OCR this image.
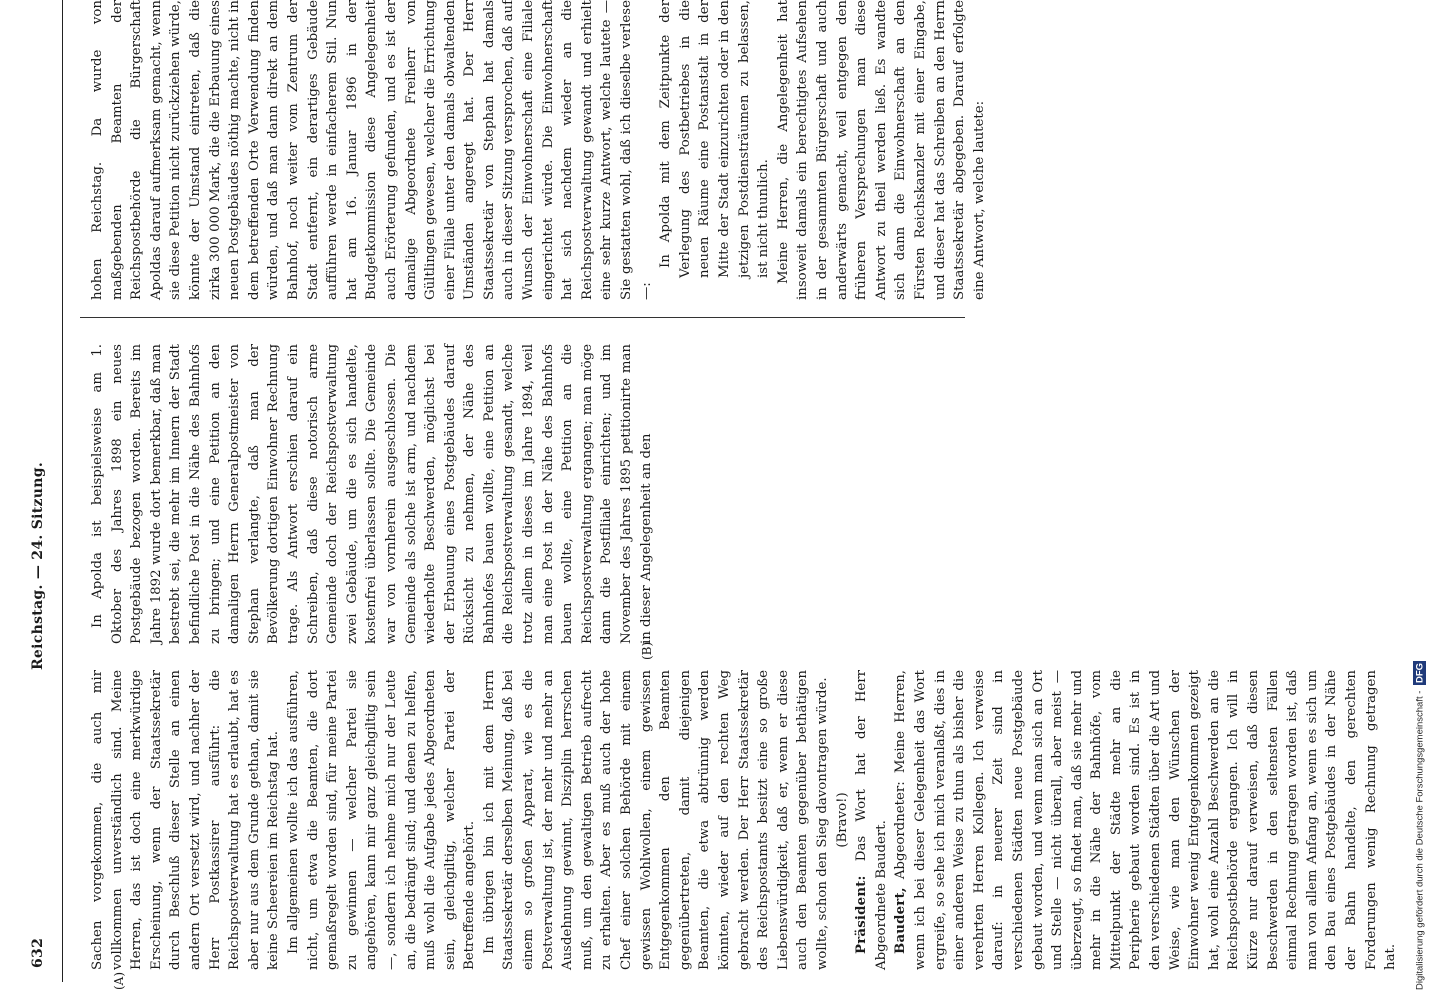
632
Reichstag. — 24. Sitzung.
(A)
(B)

Sachen vorgekommen, die auch mir vollkommen unverständlich sind. Meine Herren, das ist doch eine merkwürdige Erscheinung, wenn der Staatssekretär durch Beschluß dieser Stelle an einen andern Ort versetzt wird, und nachher der Herr Postkassirer ausführt: die Reichspostverwaltung hat es erlaubt, hat es aber nur aus dem Grunde gethan, damit sie keine Scheereien im Reichstag hat. Im allgemeinen wollte ich das ausführen, nicht, um etwa die Beamten, die dort gemaßregelt worden sind, für meine Partei zu gewinnen — welcher Partei sie angehören, kann mir ganz gleichgiltig sein —, sondern ich nehme mich nur der Leute an, die bedrängt sind; und denen zu helfen, muß wohl die Aufgabe jedes Abgeordneten sein, gleichgiltig, welcher Partei der Betreffende angehört. Im übrigen bin ich mit dem Herrn Staatssekretär derselben Meinung, daß bei einem so großen Apparat, wie es die Postverwaltung ist, der mehr und mehr an Ausdehnung gewinnt, Disziplin herrschen muß, um den gewaltigen Betrieb aufrecht zu erhalten. Aber es muß auch der hohe Chef einer solchen Behörde mit einem gewissen Wohlwollen, einem gewissen Entgegenkommen den Beamten gegenübertreten, damit diejenigen Beamten, die etwa abtrünnig werden könnten, wieder auf den rechten Weg gebracht werden. Der Herr Staatssekretär des Reichspostamts besitzt eine so große Liebenswürdigkeit, daß er, wenn er diese auch den Beamten gegenüber bethätigen wollte, schon den Sieg davontragen würde. (Bravo!)

Präsident: Das Wort hat der Herr Abgeordnete Baudert. Baudert, Abgeordneter: Meine Herren, wenn ich bei dieser Gelegenheit das Wort ergreife, so sehe ich mich veranlaßt, dies in einer anderen Weise zu thun als bisher die verehrten Herren Kollegen. Ich verweise darauf: in neuerer Zeit sind in verschiedenen Städten neue Postgebäude gebaut worden, und wenn man sich an Ort und Stelle — nicht überall, aber meist — überzeugt, so findet man, daß sie mehr und mehr in die Nähe der Bahnhöfe, vom Mittelpunkt der Städte mehr an die Peripherie gebaut worden sind. Es ist in den verschiedenen Städten über die Art und Weise, wie man den Wünschen der Einwohner wenig Entgegenkommen gezeigt hat, wohl eine Anzahl Beschwerden an die Reichspostbehörde ergangen. Ich will in Kürze nur darauf verweisen, daß diesen Beschwerden in den seltensten Fällen einmal Rechnung getragen worden ist, daß man von allem Anfang an, wenn es sich um den Bau eines Postgebäudes in der Nähe der Bahn handelte, den gerechten Forderungen wenig Rechnung getragen hat.

In Apolda ist beispielsweise am 1. Oktober des Jahres 1898 ein neues Postgebäude bezogen worden. Bereits im Jahre 1892 wurde dort bemerkbar, daß man bestrebt sei, die mehr im Innern der Stadt befindliche Post in die Nähe des Bahnhofs zu bringen; und eine Petition an den damaligen Herrn Generalpostmeister von Stephan verlangte, daß man der Bevölkerung dortigen Einwohner Rechnung trage. Als Antwort erschien darauf ein Schreiben, daß diese notorisch arme Gemeinde doch der Reichspostverwaltung zwei Gebäude, um die es sich handelte, kostenfrei überlassen sollte. Die Gemeinde war von vornherein ausgeschlossen. Die Gemeinde als solche ist arm, und nachdem wiederholte Beschwerden, möglichst bei der Erbauung eines Postgebäudes darauf Rücksicht zu nehmen, der Nähe des Bahnhofes bauen wollte, eine Petition an die Reichspostverwaltung gesandt, welche trotz allem in dieses im Jahre 1894, weil man eine Post in der Nähe des Bahnhofs bauen wollte, eine Petition an die Reichspostverwaltung ergangen; man möge dann die Postfiliale einrichten; und im November des Jahres 1895 petitionirte man in dieser Angelegenheit an den

hohen Reichstag. Da wurde von maßgebenden Beamten der Reichspostbehörde die Bürgerschaft Apoldas darauf aufmerksam gemacht, wenn sie diese Petition nicht zurückziehen würde, könnte der Umstand eintreten, daß die zirka 300 000 Mark, die die Erbauung eines neuen Postgebäudes nöthig machte, nicht in dem betreffenden Orte Verwendung finden würden, und daß man dann direkt an dem Bahnhof, noch weiter vom Zentrum der Stadt entfernt, ein derartiges Gebäude aufführen werde in einfacherem Stil. Nun hat am 16. Januar 1896 in der Budgetkommission diese Angelegenheit auch Erörterung gefunden, und es ist der damalige Abgeordnete Freiherr von Gültlingen gewesen, welcher die Errichtung einer Filiale unter den damals obwaltenden Umständen angeregt hat. Der Herr Staatssekretär von Stephan hat damals auch in dieser Sitzung versprochen, daß auf Wunsch der Einwohnerschaft eine Filiale eingerichtet würde. Die Einwohnerschaft hat sich nachdem wieder an die Reichspostverwaltung gewandt und erhielt eine sehr kurze Antwort, welche lautete — Sie gestatten wohl, daß ich dieselbe verlese —:

In Apolda mit dem Zeitpunkte der Verlegung des Postbetriebes in die neuen Räume eine Postanstalt in der Mitte der Stadt einzurichten oder in den jetzigen Postdiensträumen zu belassen, ist nicht thunlich. Meine Herren, die Angelegenheit hat insoweit damals ein berechtigtes Aufsehen in der gesammten Bürgerschaft und auch anderwärts gemacht, weil entgegen den früheren Versprechungen man diese Antwort zu theil werden ließ. Es wandte sich dann die Einwohnerschaft an den Fürsten Reichskanzler mit einer Eingabe, und dieser hat das Schreiben an den Herrn Staatssekretär abgegeben. Darauf erfolgte eine Antwort, welche lautete:

Digitalisierung gefördert durch die Deutsche Forschungsgemeinschaft -
DFG
